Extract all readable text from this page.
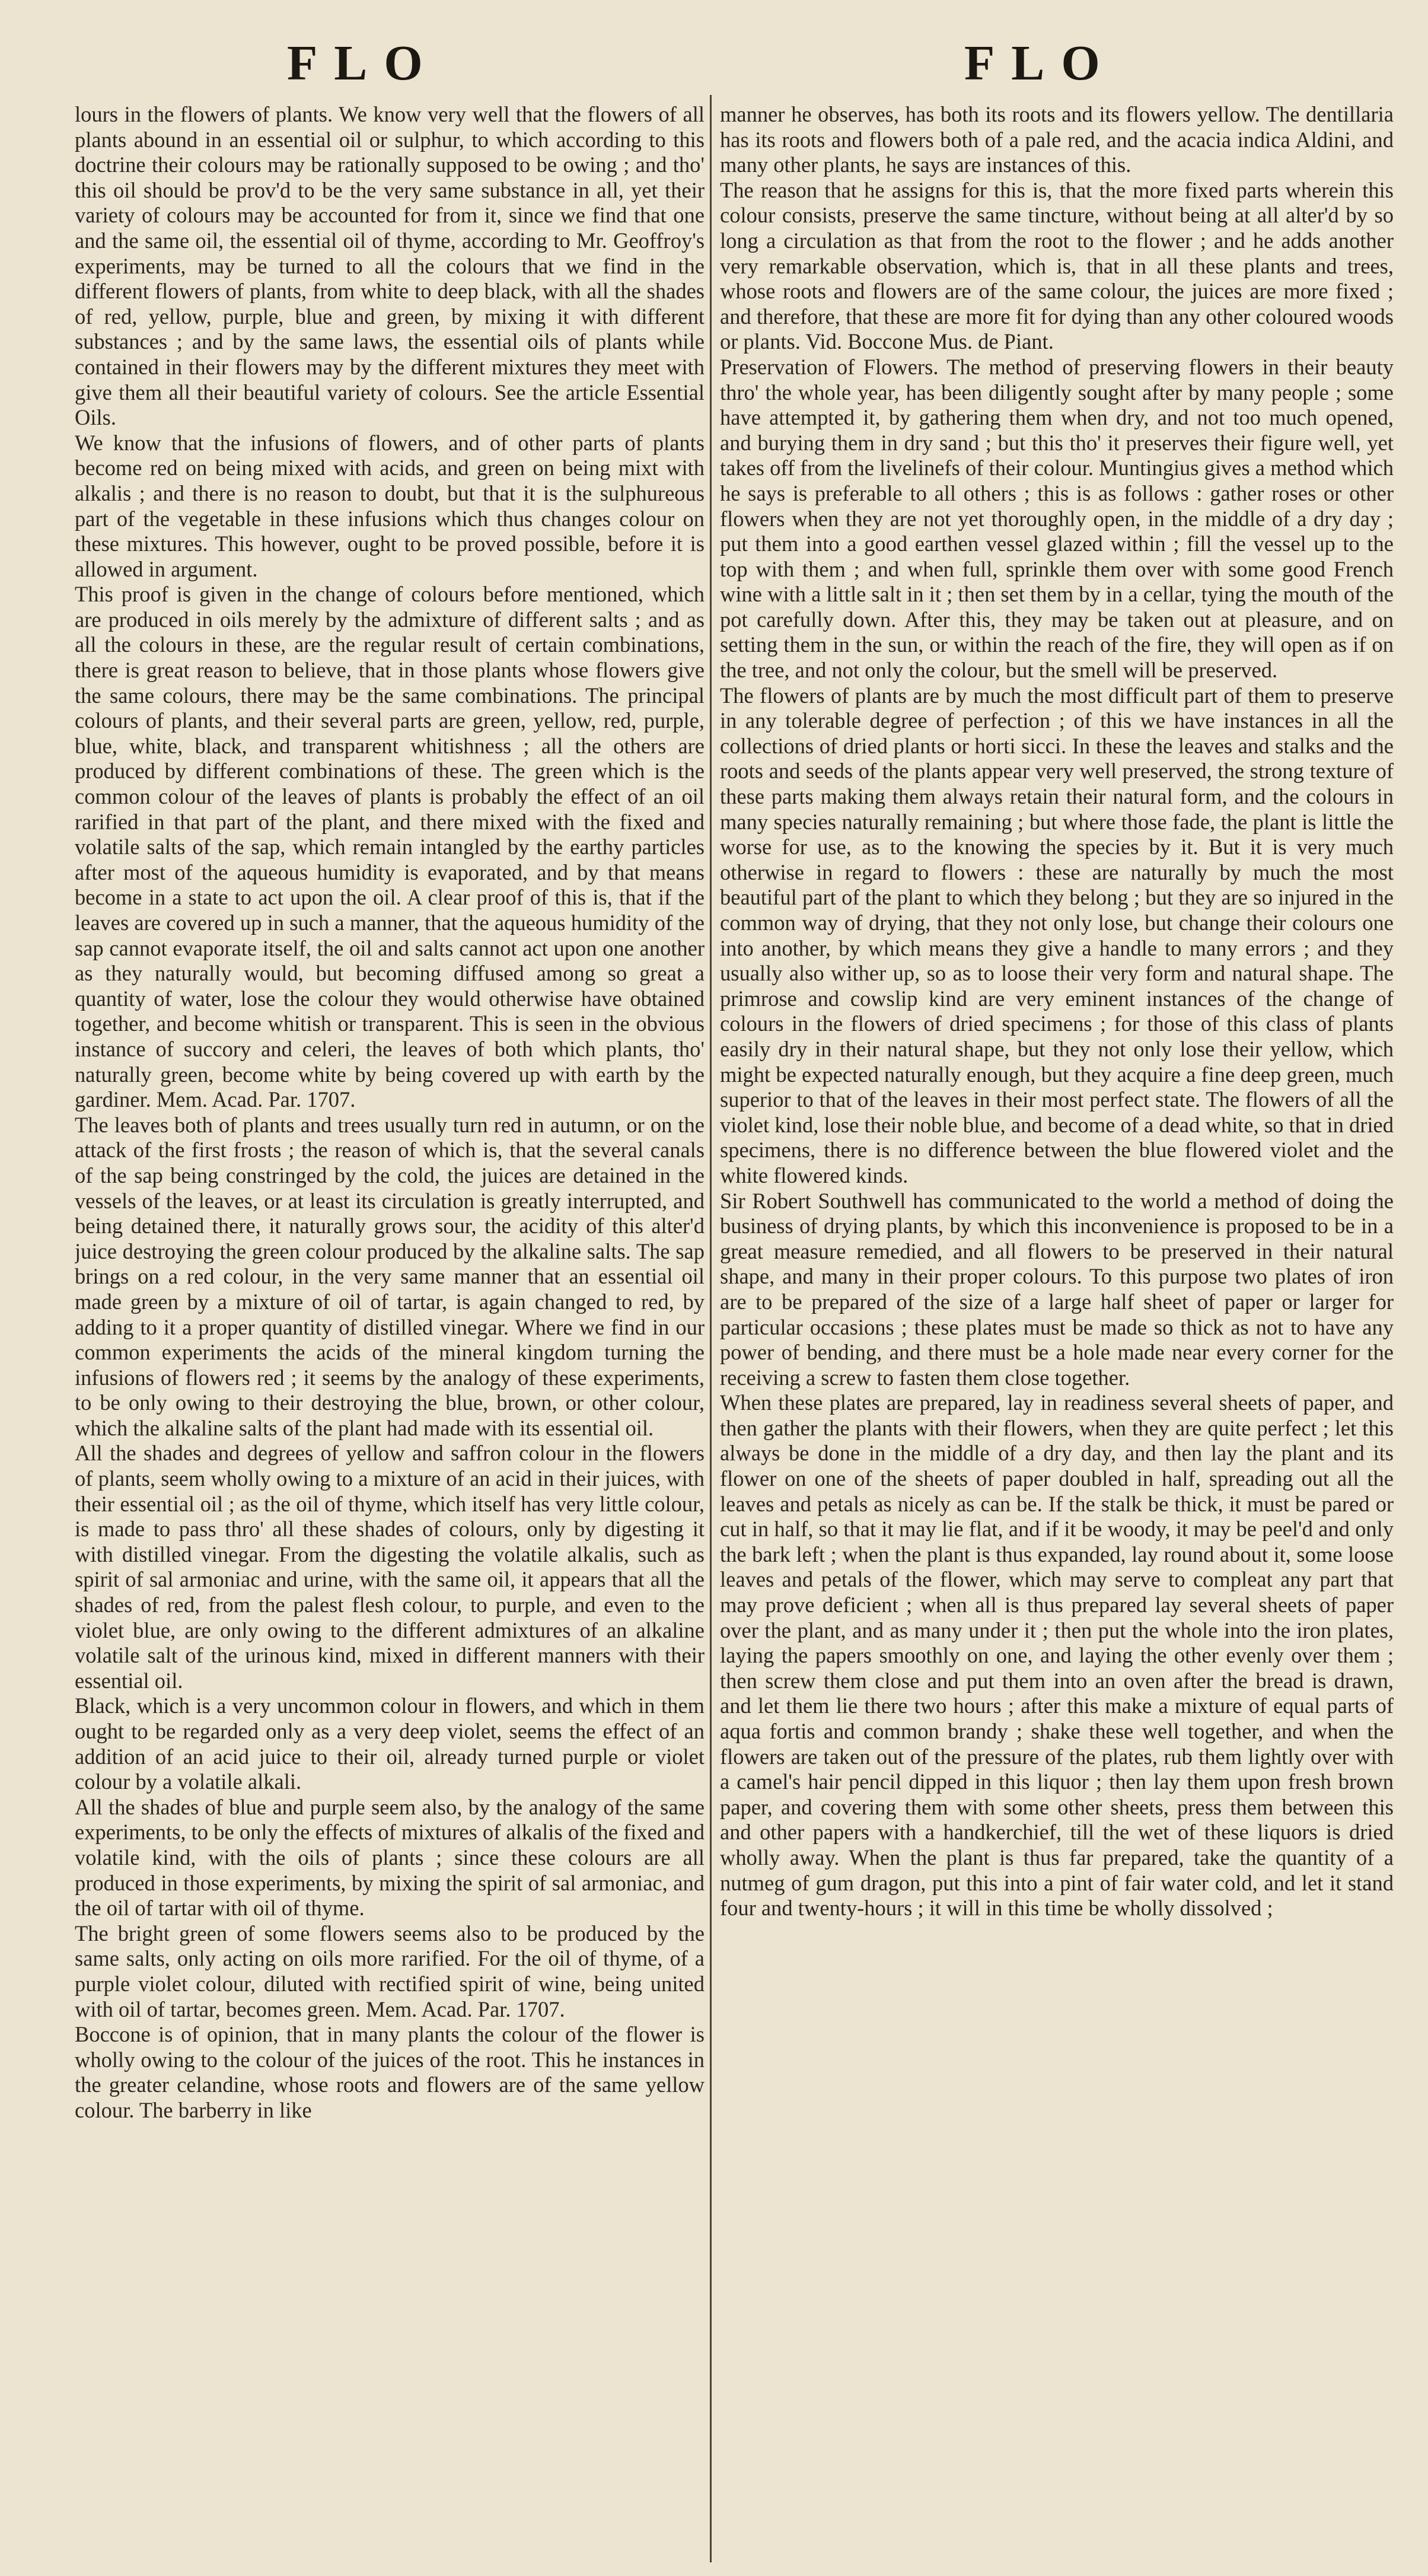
FLO	FLO

lours in the flowers of plants. We know very well that the flowers of all plants abound in an essential oil or sulphur, to which according to this doctrine their colours may be rationally supposed to be owing ; and tho' this oil should be prov'd to be the very same substance in all, yet their variety of colours may be accounted for from it, since we find that one and the same oil, the essential oil of thyme, according to Mr. Geoffroy's experiments, may be turned to all the colours that we find in the different flowers of plants, from white to deep black, with all the shades of red, yellow, purple, blue and green, by mixing it with different substances ; and by the same laws, the essential oils of plants while contained in their flowers may by the different mixtures they meet with give them all their beautiful variety of colours. See the article Essential Oils.

We know that the infusions of flowers, and of other parts of plants become red on being mixed with acids, and green on being mixt with alkalis ; and there is no reason to doubt, but that it is the sulphureous part of the vegetable in these infusions which thus changes colour on these mixtures. This however, ought to be proved possible, before it is allowed in argument.

This proof is given in the change of colours before mentioned, which are produced in oils merely by the admixture of different salts ; and as all the colours in these, are the regular result of certain combinations, there is great reason to believe, that in those plants whose flowers give the same colours, there may be the same combinations. The principal colours of plants, and their several parts are green, yellow, red, purple, blue, white, black, and transparent whitishness ; all the others are produced by different combinations of these. The green which is the common colour of the leaves of plants is probably the effect of an oil rarified in that part of the plant, and there mixed with the fixed and volatile salts of the sap, which remain intangled by the earthy particles after most of the aqueous humidity is evaporated, and by that means become in a state to act upon the oil. A clear proof of this is, that if the leaves are covered up in such a manner, that the aqueous humidity of the sap cannot evaporate itself, the oil and salts cannot act upon one another as they naturally would, but becoming diffused among so great a quantity of water, lose the colour they would otherwise have obtained together, and become whitish or transparent. This is seen in the obvious instance of succory and celeri, the leaves of both which plants, tho' naturally green, become white by being covered up with earth by the gardiner. Mem. Acad. Par. 1707.

The leaves both of plants and trees usually turn red in autumn, or on the attack of the first frosts ; the reason of which is, that the several canals of the sap being constringed by the cold, the juices are detained in the vessels of the leaves, or at least its circulation is greatly interrupted, and being detained there, it naturally grows sour, the acidity of this alter'd juice destroying the green colour produced by the alkaline salts. The sap brings on a red colour, in the very same manner that an essential oil made green by a mixture of oil of tartar, is again changed to red, by adding to it a proper quantity of distilled vinegar. Where we find in our common experiments the acids of the mineral kingdom turning the infusions of flowers red ; it seems by the analogy of these experiments, to be only owing to their destroying the blue, brown, or other colour, which the alkaline salts of the plant had made with its essential oil.

All the shades and degrees of yellow and saffron colour in the flowers of plants, seem wholly owing to a mixture of an acid in their juices, with their essential oil ; as the oil of thyme, which itself has very little colour, is made to pass thro' all these shades of colours, only by digesting it with distilled vinegar. From the digesting the volatile alkalis, such as spirit of sal armoniac and urine, with the same oil, it appears that all the shades of red, from the palest flesh colour, to purple, and even to the violet blue, are only owing to the different admixtures of an alkaline volatile salt of the urinous kind, mixed in different manners with their essential oil.

Black, which is a very uncommon colour in flowers, and which in them ought to be regarded only as a very deep violet, seems the effect of an addition of an acid juice to their oil, already turned purple or violet colour by a volatile alkali.

All the shades of blue and purple seem also, by the analogy of the same experiments, to be only the effects of mixtures of alkalis of the fixed and volatile kind, with the oils of plants ; since these colours are all produced in those experiments, by mixing the spirit of sal armoniac, and the oil of tartar with oil of thyme.

The bright green of some flowers seems also to be produced by the same salts, only acting on oils more rarified. For the oil of thyme, of a purple violet colour, diluted with rectified spirit of wine, being united with oil of tartar, becomes green. Mem. Acad. Par. 1707.

Boccone is of opinion, that in many plants the colour of the flower is wholly owing to the colour of the juices of the root. This he instances in the greater celandine, whose roots and flowers are of the same yellow colour. The barberry in like

manner he observes, has both its roots and its flowers yellow. The dentillaria has its roots and flowers both of a pale red, and the acacia indica Aldini, and many other plants, he says are instances of this.

The reason that he assigns for this is, that the more fixed parts wherein this colour consists, preserve the same tincture, without being at all alter'd by so long a circulation as that from the root to the flower ; and he adds another very remarkable observation, which is, that in all these plants and trees, whose roots and flowers are of the same colour, the juices are more fixed ; and therefore, that these are more fit for dying than any other coloured woods or plants. Vid. Boccone Mus. de Piant.

Preservation of Flowers. The method of preserving flowers in their beauty thro' the whole year, has been diligently sought after by many people ; some have attempted it, by gathering them when dry, and not too much opened, and burying them in dry sand ; but this tho' it preserves their figure well, yet takes off from the livelinefs of their colour. Muntingius gives a method which he says is preferable to all others ; this is as follows : gather roses or other flowers when they are not yet thoroughly open, in the middle of a dry day ; put them into a good earthen vessel glazed within ; fill the vessel up to the top with them ; and when full, sprinkle them over with some good French wine with a little salt in it ; then set them by in a cellar, tying the mouth of the pot carefully down. After this, they may be taken out at pleasure, and on setting them in the sun, or within the reach of the fire, they will open as if on the tree, and not only the colour, but the smell will be preserved.

The flowers of plants are by much the most difficult part of them to preserve in any tolerable degree of perfection ; of this we have instances in all the collections of dried plants or horti sicci. In these the leaves and stalks and the roots and seeds of the plants appear very well preserved, the strong texture of these parts making them always retain their natural form, and the colours in many species naturally remaining ; but where those fade, the plant is little the worse for use, as to the knowing the species by it. But it is very much otherwise in regard to flowers : these are naturally by much the most beautiful part of the plant to which they belong ; but they are so injured in the common way of drying, that they not only lose, but change their colours one into another, by which means they give a handle to many errors ; and they usually also wither up, so as to loose their very form and natural shape. The primrose and cowslip kind are very eminent instances of the change of colours in the flowers of dried specimens ; for those of this class of plants easily dry in their natural shape, but they not only lose their yellow, which might be expected naturally enough, but they acquire a fine deep green, much superior to that of the leaves in their most perfect state. The flowers of all the violet kind, lose their noble blue, and become of a dead white, so that in dried specimens, there is no difference between the blue flowered violet and the white flowered kinds.

Sir Robert Southwell has communicated to the world a method of doing the business of drying plants, by which this inconvenience is proposed to be in a great measure remedied, and all flowers to be preserved in their natural shape, and many in their proper colours. To this purpose two plates of iron are to be prepared of the size of a large half sheet of paper or larger for particular occasions ; these plates must be made so thick as not to have any power of bending, and there must be a hole made near every corner for the receiving a screw to fasten them close together.

When these plates are prepared, lay in readiness several sheets of paper, and then gather the plants with their flowers, when they are quite perfect ; let this always be done in the middle of a dry day, and then lay the plant and its flower on one of the sheets of paper doubled in half, spreading out all the leaves and petals as nicely as can be. If the stalk be thick, it must be pared or cut in half, so that it may lie flat, and if it be woody, it may be peel'd and only the bark left ; when the plant is thus expanded, lay round about it, some loose leaves and petals of the flower, which may serve to compleat any part that may prove deficient ; when all is thus prepared lay several sheets of paper over the plant, and as many under it ; then put the whole into the iron plates, laying the papers smoothly on one, and laying the other evenly over them ; then screw them close and put them into an oven after the bread is drawn, and let them lie there two hours ; after this make a mixture of equal parts of aqua fortis and common brandy ; shake these well together, and when the flowers are taken out of the pressure of the plates, rub them lightly over with a camel's hair pencil dipped in this liquor ; then lay them upon fresh brown paper, and covering them with some other sheets, press them between this and other papers with a handkerchief, till the wet of these liquors is dried wholly away. When the plant is thus far prepared, take the quantity of a nutmeg of gum dragon, put this into a pint of fair water cold, and let it stand four and twenty-hours ; it will in this time be wholly dissolved ;
